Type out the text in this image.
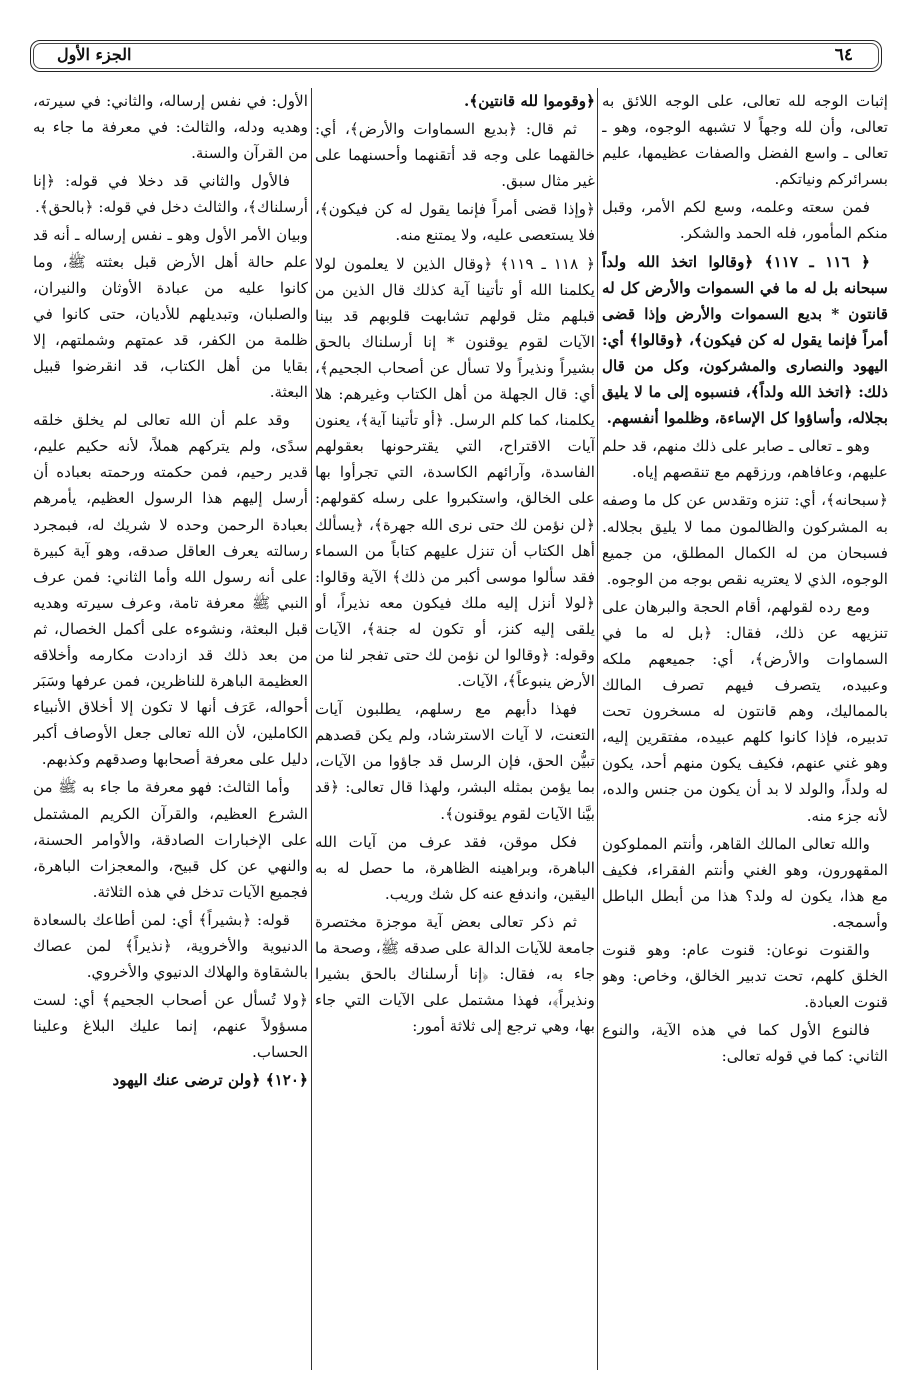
٦٤
الجزء الأول

إثبات الوجه لله تعالى، على الوجه اللائق به تعالى، وأن لله وجهاً لا تشبهه الوجوه، وهو ـ تعالى ـ واسع الفضل والصفات عظيمها، عليم بسرائركم ونياتكم.

فمن سعته وعلمه، وسع لكم الأمر، وقبل منكم المأمور، فله الحمد والشكر.

﴿ ١١٦ ـ ١١٧﴾ ﴿وقالوا اتخذ الله ولداً سبحانه بل له ما في السموات والأرض كل له قانتون * بديع السموات والأرض وإذا قضى أمراً فإنما يقول له كن فيكون﴾، ﴿وقالوا﴾ أي: اليهود والنصارى والمشركون، وكل من قال ذلك: ﴿اتخذ الله ولداً﴾، فنسبوه إلى ما لا يليق بجلاله، وأساؤوا كل الإساءة، وظلموا أنفسهم.

وهو ـ تعالى ـ صابر على ذلك منهم، قد حلم عليهم، وعافاهم، ورزقهم مع تنقصهم إياه.

﴿سبحانه﴾، أي: تنزه وتقدس عن كل ما وصفه به المشركون والظالمون مما لا يليق بجلاله. فسبحان من له الكمال المطلق، من جميع الوجوه، الذي لا يعتريه نقص بوجه من الوجوه.

ومع رده لقولهم، أقام الحجة والبرهان على تنزيهه عن ذلك، فقال: ﴿بل له ما في السماوات والأرض﴾، أي: جميعهم ملكه وعبيده، يتصرف فيهم تصرف المالك بالمماليك، وهم قانتون له مسخرون تحت تدبيره، فإذا كانوا كلهم عبيده، مفتقرين إليه، وهو غني عنهم، فكيف يكون منهم أحد، يكون له ولداً، والولد لا بد أن يكون من جنس والده، لأنه جزء منه.

والله تعالى المالك القاهر، وأنتم المملوكون المقهورون، وهو الغني وأنتم الفقراء، فكيف مع هذا، يكون له ولد؟ هذا من أبطل الباطل وأسمجه.

والقنوت نوعان: قنوت عام: وهو قنوت الخلق كلهم، تحت تدبير الخالق، وخاص: وهو قنوت العبادة.

فالنوع الأول كما في هذه الآية، والنوع الثاني: كما في قوله تعالى:

﴿وقوموا لله قانتين﴾.

ثم قال: ﴿بديع السماوات والأرض﴾، أي: خالقهما على وجه قد أتقنهما وأحسنهما على غير مثال سبق.

﴿وإذا قضى أمراً فإنما يقول له كن فيكون﴾، فلا يستعصى عليه، ولا يمتنع منه.

﴿ ١١٨ ـ ١١٩﴾ ﴿وقال الذين لا يعلمون لولا يكلمنا الله أو تأتينا آية كذلك قال الذين من قبلهم مثل قولهم تشابهت قلوبهم قد بينا الآيات لقوم يوقنون * إنا أرسلناك بالحق بشيراً ونذيراً ولا تسأل عن أصحاب الجحيم﴾، أي: قال الجهلة من أهل الكتاب وغيرهم: هلا يكلمنا، كما كلم الرسل. ﴿أو تأتينا آية﴾، يعنون آيات الاقتراح، التي يقترحونها بعقولهم الفاسدة، وآرائهم الكاسدة، التي تجرأوا بها على الخالق، واستكبروا على رسله كقولهم: ﴿لن نؤمن لك حتى نرى الله جهرة﴾، ﴿يسألك أهل الكتاب أن تنزل عليهم كتاباً من السماء فقد سألوا موسى أكبر من ذلك﴾ الآية وقالوا: ﴿لولا أنزل إليه ملك فيكون معه نذيراً، أو يلقى إليه كنز، أو تكون له جنة﴾، الآيات وقوله: ﴿وقالوا لن نؤمن لك حتى تفجر لنا من الأرض ينبوعاً﴾، الآيات.

فهذا دأبهم مع رسلهم، يطلبون آيات التعنت، لا آيات الاسترشاد، ولم يكن قصدهم تبيُّن الحق، فإن الرسل قد جاؤوا من الآيات، بما يؤمن بمثله البشر، ولهذا قال تعالى: ﴿قد بيَّنا الآيات لقوم يوقنون﴾.

فكل موقن، فقد عرف من آيات الله الباهرة، وبراهينه الظاهرة، ما حصل له به اليقين، واندفع عنه كل شك وريب.

ثم ذكر تعالى بعض آية موجزة مختصرة جامعة للآيات الدالة على صدقه ﷺ، وصحة ما جاء به، فقال: ﴿إنا أرسلناك بالحق بشيرا ونذيراً﴾، فهذا مشتمل على الآيات التي جاء بها، وهي ترجع إلى ثلاثة أمور:

الأول: في نفس إرساله، والثاني: في سيرته، وهديه ودله، والثالث: في معرفة ما جاء به من القرآن والسنة.

فالأول والثاني قد دخلا في قوله: ﴿إنا أرسلناك﴾، والثالث دخل في قوله: ﴿بالحق﴾.

وبيان الأمر الأول وهو ـ نفس إرساله ـ أنه قد علم حالة أهل الأرض قبل بعثته ﷺ، وما كانوا عليه من عبادة الأوثان والنيران، والصلبان، وتبديلهم للأديان، حتى كانوا في ظلمة من الكفر، قد عمتهم وشملتهم، إلا بقايا من أهل الكتاب، قد انقرضوا قبيل البعثة.

وقد علم أن الله تعالى لم يخلق خلقه سدًى، ولم يتركهم هملاً، لأنه حكيم عليم، قدير رحيم، فمن حكمته ورحمته بعباده أن أرسل إليهم هذا الرسول العظيم، يأمرهم بعبادة الرحمن وحده لا شريك له، فبمجرد رسالته يعرف العاقل صدقه، وهو آية كبيرة على أنه رسول الله وأما الثاني: فمن عرف النبي ﷺ معرفة تامة، وعرف سيرته وهديه قبل البعثة، ونشوءه على أكمل الخصال، ثم من بعد ذلك قد ازدادت مكارمه وأخلاقه العظيمة الباهرة للناظرين، فمن عرفها وسَبَر أحواله، عَرَف أنها لا تكون إلا أخلاق الأنبياء الكاملين، لأن الله تعالى جعل الأوصاف أكبر دليل على معرفة أصحابها وصدقهم وكذبهم.

وأما الثالث: فهو معرفة ما جاء به ﷺ من الشرع العظيم، والقرآن الكريم المشتمل على الإخبارات الصادقة، والأوامر الحسنة، والنهي عن كل قبيح، والمعجزات الباهرة، فجميع الآيات تدخل في هذه الثلاثة.

قوله: ﴿بشيراً﴾ أي: لمن أطاعك بالسعادة الدنيوية والأخروية، ﴿نذيراً﴾ لمن عصاك بالشقاوة والهلاك الدنيوي والأخروي.

﴿ولا تُسأل عن أصحاب الجحيم﴾ أي: لست مسؤولاً عنهم، إنما عليك البلاغ وعلينا الحساب.

﴿١٢٠﴾ ﴿ولن ترضى عنك اليهود
